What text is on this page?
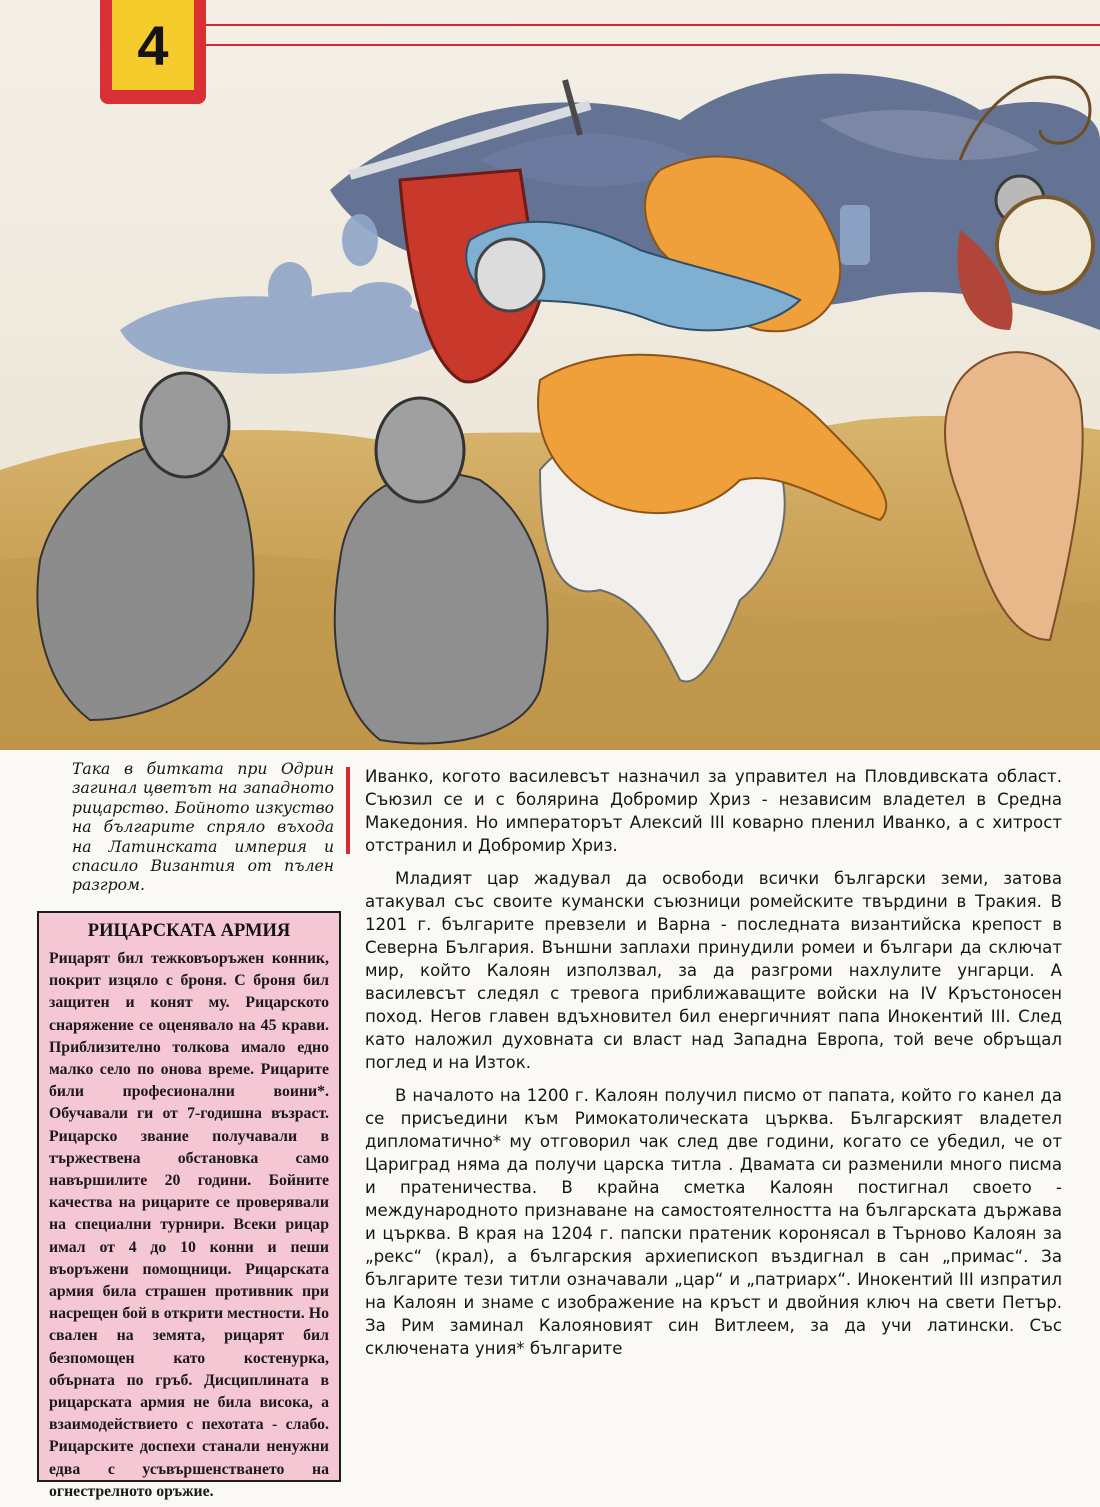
4

Така в битката при Одрин загинал цветът на западното рицарство. Бойното изкуство на българите спряло въхода на Латинската империя и спасило Византия от пълен разгром.

РИЦАРСКАТА АРМИЯ

Рицарят бил тежковъоръжен конник, покрит изцяло с броня. С броня бил защитен и конят му. Рицарското снаряжение се оценявало на 45 крави. Приблизително толкова имало едно малко село по онова време. Рицарите били професионални воини*. Обучавали ги от 7-годишна възраст. Рицарско звание получавали в тържествена обстановка само навършилите 20 години. Бойните качества на рицарите се проверявали на специални турнири. Всеки рицар имал от 4 до 10 конни и пеши въоръжени помощници. Рицарската армия била страшен противник при насрещен бой в открити местности. Но свален на земята, рицарят бил безпомощен като костенурка, обърната по гръб. Дисциплината в рицарската армия не била висока, а взаимодействието с пехотата - слабо. Рицарските доспехи станали ненужни едва с усъвършенстването на огнестрелното оръжие.

Иванко, когото василевсът назначил за управител на Пловдивската област. Съюзил се и с болярина Добромир Хриз - независим владетел в Средна Македония. Но императорът Алексий III коварно пленил Иванко, а с хитрост отстранил и Добромир Хриз.

Младият цар жадувал да освободи всички български земи, затова атакувал със своите кумански съюзници ромейските твърдини в Тракия. В 1201 г. българите превзели и Варна - последната византийска крепост в Северна България. Външни заплахи принудили ромеи и българи да сключат мир, който Калоян използвал, за да разгроми нахлулите унгарци. А василевсът следял с тревога приближаващите войски на IV Кръстоносен поход. Негов главен вдъхновител бил енергичният папа Инокентий III. След като наложил духовната си власт над Западна Европа, той вече обръщал поглед и на Изток.

В началото на 1200 г. Калоян получил писмо от папата, който го канел да се присъедини към Римокатолическата църква. Българският владетел дипломатично* му отговорил чак след две години, когато се убедил, че от Цариград няма да получи царска титла . Двамата си разменили много писма и пратеничества. В крайна сметка Калоян постигнал своето - международното признаване на самостоятелността на българската държава и църква. В края на 1204 г. папски пратеник коронясал в Търново Калоян за „рекс“ (крал), а българския архиепископ въздигнал в сан „примас“. За българите тези титли означавали „цар“ и „патриарх“. Инокентий III изпратил на Калоян и знаме с изображение на кръст и двойния ключ на свети Петър. За Рим заминал Калояновият син Витлеем, за да учи латински. Със сключената уния* българите
